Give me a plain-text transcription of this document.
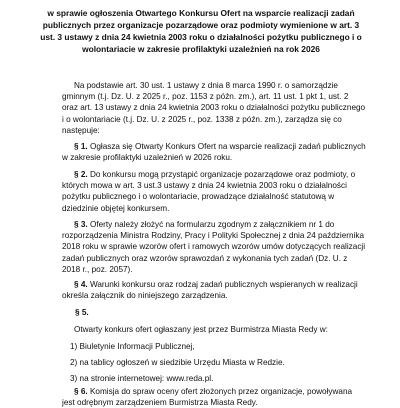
w sprawie ogłoszenia Otwartego Konkursu Ofert na wsparcie realizacji zadań publicznych przez organizacje pozarządowe oraz podmioty wymienione w art. 3 ust. 3 ustawy z dnia 24 kwietnia 2003 roku o działalności pożytku publicznego i o wolontariacie w zakresie profilaktyki uzależnień na rok 2026

Na podstawie art. 30 ust. 1 ustawy z dnia 8 marca 1990 r. o samorządzie gminnym (t.j. Dz. U. z 2025 r., poz. 1153 z późn. zm.), art. 11 ust. 1 pkt 1, ust. 2 oraz art. 13 ustawy z dnia 24 kwietnia 2003 roku o działalności pożytku publicznego i o wolontariacie (t.j. Dz. U. z 2025 r., poz. 1338 z późn. zm.), zarządza się co następuje:

§ 1. Ogłasza się Otwarty Konkurs Ofert na wsparcie realizacji zadań publicznych w zakresie profilaktyki uzależnień w 2026 roku.

§ 2. Do konkursu mogą przystąpić organizacje pozarządowe oraz podmioty, o których mowa w art. 3 ust.3 ustawy z dnia 24 kwietnia 2003 roku o działalności pożytku publicznego i o wolontariacie, prowadzące działalność statutową w dziedzinie objętej konkursem.

§ 3. Oferty należy złożyć na formularzu zgodnym z załącznikiem nr 1 do rozporządzenia Ministra Rodziny, Pracy i Polityki Społecznej z dnia 24 października 2018 roku w sprawie wzorów ofert i ramowych wzorów umów dotyczących realizacji zadań publicznych oraz wzorów sprawozdań z wykonania tych zadań (Dz. U. z 2018 r., poz. 2057).

§ 4. Warunki konkursu oraz rodzaj zadań publicznych wspieranych w realizacji określa załącznik do niniejszego zarządzenia.

§ 5.

Otwarty konkurs ofert ogłaszany jest przez Burmistrza Miasta Redy w:

1) Biuletynie Informacji Publicznej,

2) na tablicy ogłoszeń w siedzibie Urzędu Miasta w Redzie.

3) na stronie internetowej: www.reda.pl.

§ 6. Komisja do spraw oceny ofert złożonych przez organizacje, powoływana jest odrębnym zarządzeniem Burmistrza Miasta Redy.
